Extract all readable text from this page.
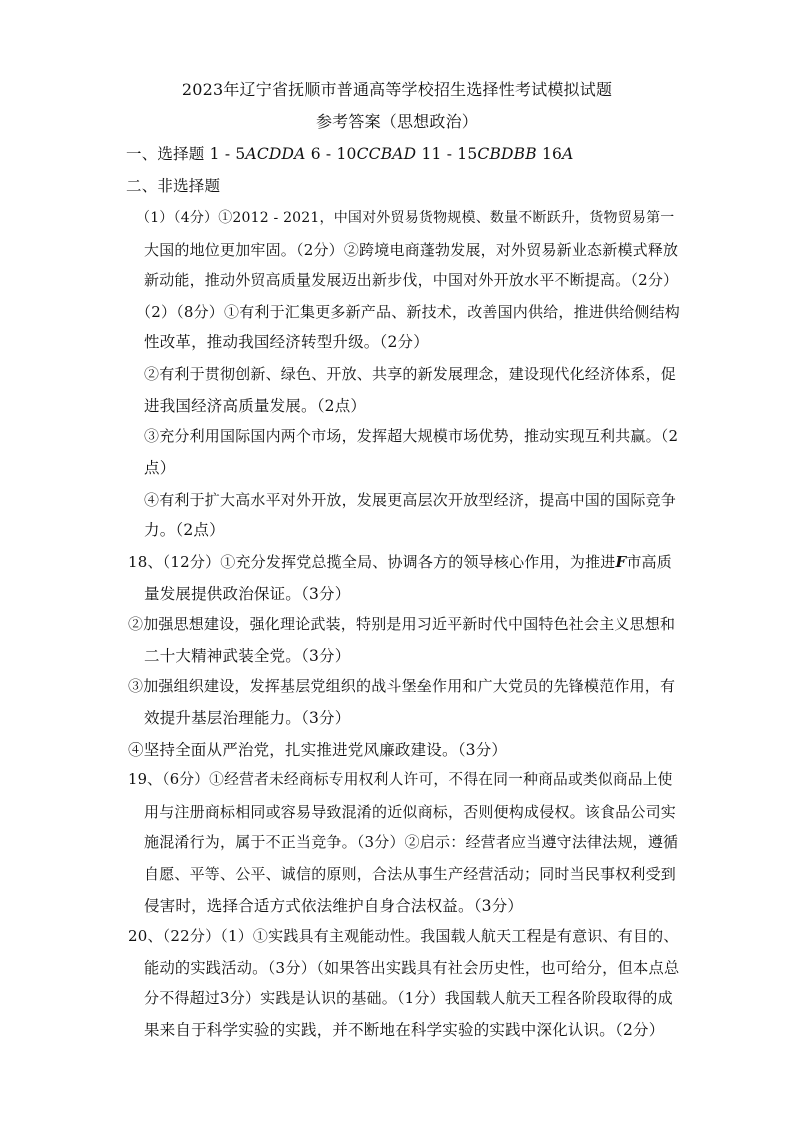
2023年辽宁省抚顺市普通高等学校招生选择性考试模拟试题
参考答案（思想政治）
一、选择题 1 - 5ACDDA 6 - 10CCBAD 11 - 15CBDBB 16A
二、非选择题
（1）（4分）①2012 - 2021，中国对外贸易货物规模、数量不断跃升，货物贸易第一
大国的地位更加牢固。（2分）②跨境电商蓬勃发展，对外贸易新业态新模式释放
新动能，推动外贸高质量发展迈出新步伐，中国对外开放水平不断提高。（2分）
（2）（8分）①有利于汇集更多新产品、新技术，改善国内供给，推进供给侧结构
性改革，推动我国经济转型升级。（2分）
②有利于贯彻创新、绿色、开放、共享的新发展理念，建设现代化经济体系，促
进我国经济高质量发展。（2点）
③充分利用国际国内两个市场，发挥超大规模市场优势，推动实现互利共赢。（2
点）
④有利于扩大高水平对外开放，发展更高层次开放型经济，提高中国的国际竞争
力。（2点）
18、（12分）①充分发挥党总揽全局、协调各方的领导核心作用，为推进F市高质
量发展提供政治保证。（3分）
②加强思想建设，强化理论武装，特别是用习近平新时代中国特色社会主义思想和
二十大精神武装全党。（3分）
③加强组织建设，发挥基层党组织的战斗堡垒作用和广大党员的先锋模范作用，有
效提升基层治理能力。（3分）
④坚持全面从严治党，扎实推进党风廉政建设。（3分）
19、（6分）①经营者未经商标专用权利人许可，不得在同一种商品或类似商品上使
用与注册商标相同或容易导致混淆的近似商标，否则便构成侵权。该食品公司实
施混淆行为，属于不正当竞争。（3分）②启示：经营者应当遵守法律法规，遵循
自愿、平等、公平、诚信的原则，合法从事生产经营活动；同时当民事权利受到
侵害时，选择合适方式依法维护自身合法权益。（3分）
20、（22分）（1）①实践具有主观能动性。我国载人航天工程是有意识、有目的、
能动的实践活动。（3分）（如果答出实践具有社会历史性，也可给分，但本点总
分不得超过3分）实践是认识的基础。（1分）我国载人航天工程各阶段取得的成
果来自于科学实验的实践，并不断地在科学实验的实践中深化认识。（2分）
